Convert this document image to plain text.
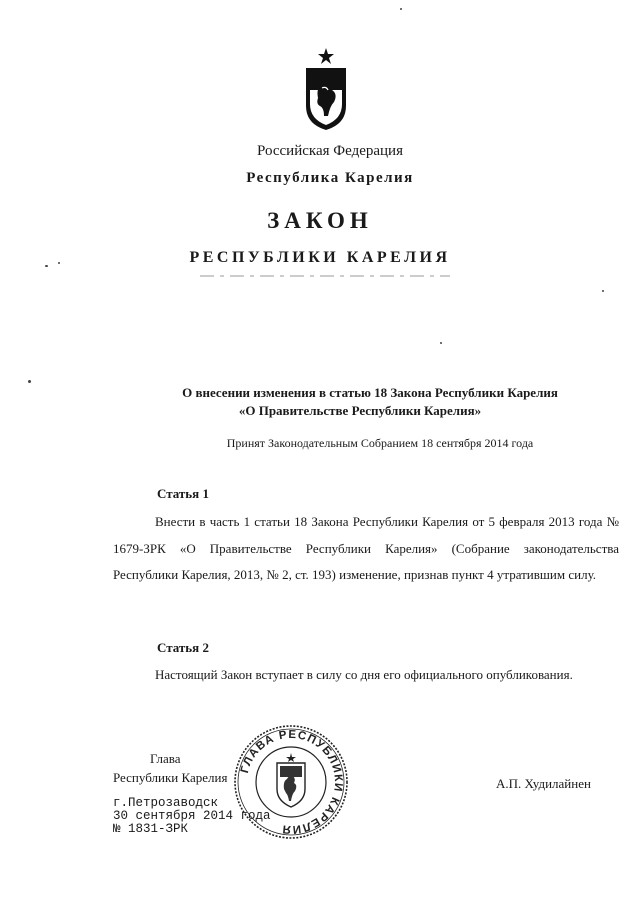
Российская Федерация
Республика Карелия
ЗАКОН
РЕСПУБЛИКИ КАРЕЛИЯ
О внесении изменения в статью 18 Закона Республики Карелия
«О Правительстве Республики Карелия»
Принят Законодательным Собранием 18 сентября 2014 года
Статья 1
Внести в часть 1 статьи 18 Закона Республики Карелия от 5 февраля 2013 года № 1679-ЗРК «О Правительстве Республики Карелия» (Собрание законодательства Республики Карелия, 2013, № 2, ст. 193) изменение, признав пункт 4 утратившим силу.
Статья 2
Настоящий Закон вступает в силу со дня его официального опубликования.
Глава
Республики Карелия	А.П. Худилайнен
г.Петрозаводск
30 сентября 2014 года
№ 1831-ЗРК
ГЛАВА РЕСПУБЛИКИ КАРЕЛИЯ
